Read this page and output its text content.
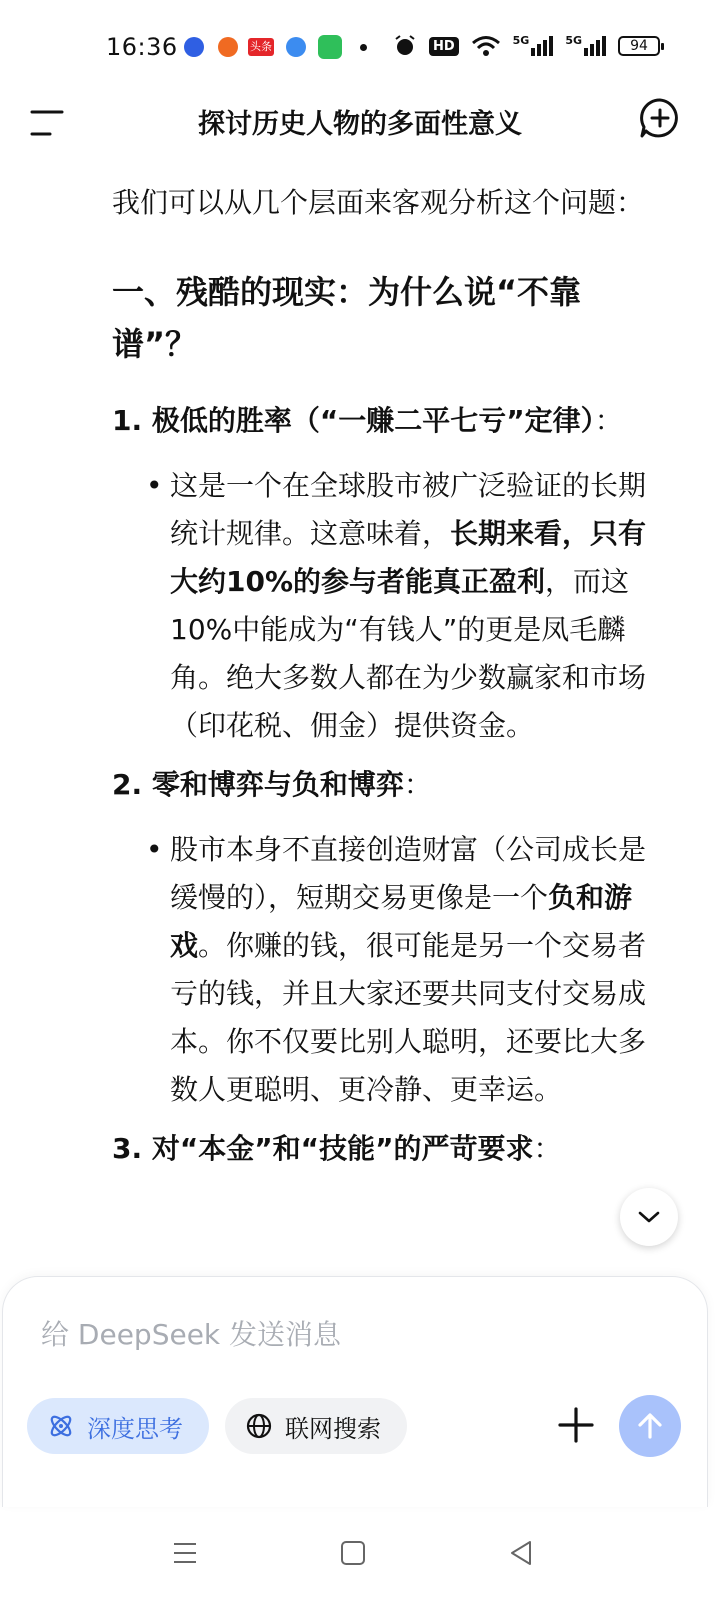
16:36	头条	HD	5G	5G	94
探讨历史人物的多面性意义

我们可以从几个层面来客观分析这个问题：

一、残酷的现实：为什么说“不靠谱”？
1. 极低的胜率（“一赚二平七亏”定律）：
• 这是一个在全球股市被广泛验证的长期统计规律。这意味着，长期来看，只有大约10%的参与者能真正盈利，而这10%中能成为“有钱人”的更是凤毛麟角。绝大多数人都在为少数赢家和市场（印花税、佣金）提供资金。
2. 零和博弈与负和博弈：
• 股市本身不直接创造财富（公司成长是缓慢的），短期交易更像是一个负和游戏。你赚的钱，很可能是另一个交易者亏的钱，并且大家还要共同支付交易成本。你不仅要比别人聪明，还要比大多数人更聪明、更冷静、更幸运。
3. 对“本金”和“技能”的严苛要求：
给 DeepSeek 发送消息
深度思考	联网搜索
